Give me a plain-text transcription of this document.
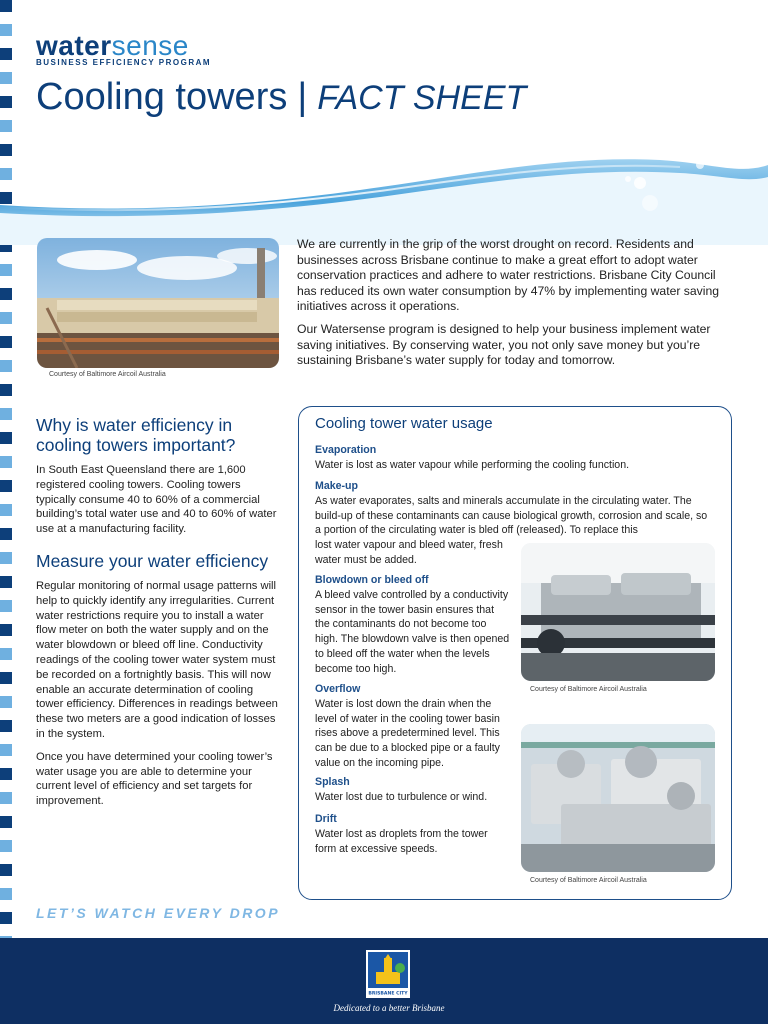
watersense
BUSINESS EFFICIENCY PROGRAM
Cooling towers | FACT SHEET
Courtesy of Baltimore Aircoil Australia

We are currently in the grip of the worst drought on record. Residents and businesses across Brisbane continue to make a great effort to adopt water conservation practices and adhere to water restrictions. Brisbane City Council has reduced its own water consumption by 47% by implementing water saving initiatives across it operations.

Our Watersense program is designed to help your business implement water saving initiatives. By conserving water, you not only save money but you’re sustaining Brisbane’s water supply for today and tomorrow.

Why is water efficiency in cooling towers important?

In South East Queensland there are 1,600 registered cooling towers. Cooling towers typically consume 40 to 60% of a commercial building’s total water use and 40 to 60% of water use at a manufacturing facility.

Measure your water efficiency

Regular monitoring of normal usage patterns will help to quickly identify any irregularities. Current water restrictions require you to install a water flow meter on both the water supply and on the water blowdown or bleed off line. Conductivity readings of the cooling tower water system must be recorded on a fortnightly basis. This will now enable an accurate determination of cooling tower efficiency. Differences in readings between these two meters are a good indication of losses in the system.

Once you have determined your cooling tower’s water usage you are able to determine your current level of efficiency and set targets for improvement.

Cooling tower water usage
Evaporation
Water is lost as water vapour while performing the cooling function.
Make-up
As water evaporates, salts and minerals accumulate in the circulating water. The build-up of these contaminants can cause biological growth, corrosion and scale, so a portion of the circulating water is bled off (released). To replace this
lost water vapour and bleed water, fresh water must be added.
Blowdown or bleed off
A bleed valve controlled by a conductivity sensor in the tower basin ensures that the contaminants do not become too high. The blowdown valve is then opened to bleed off the water when the levels become too high.
Overflow
Water is lost down the drain when the level of water in the cooling tower basin rises above a predetermined level. This can be due to a blocked pipe or a faulty value on the incoming pipe.
Splash
Water lost due to turbulence or wind.
Drift
Water lost as droplets from the tower form at excessive speeds.
Courtesy of Baltimore Aircoil Australia
Courtesy of Baltimore Aircoil Australia
LET’S WATCH EVERY DROP
BRISBANE CITY
Dedicated to a better Brisbane
